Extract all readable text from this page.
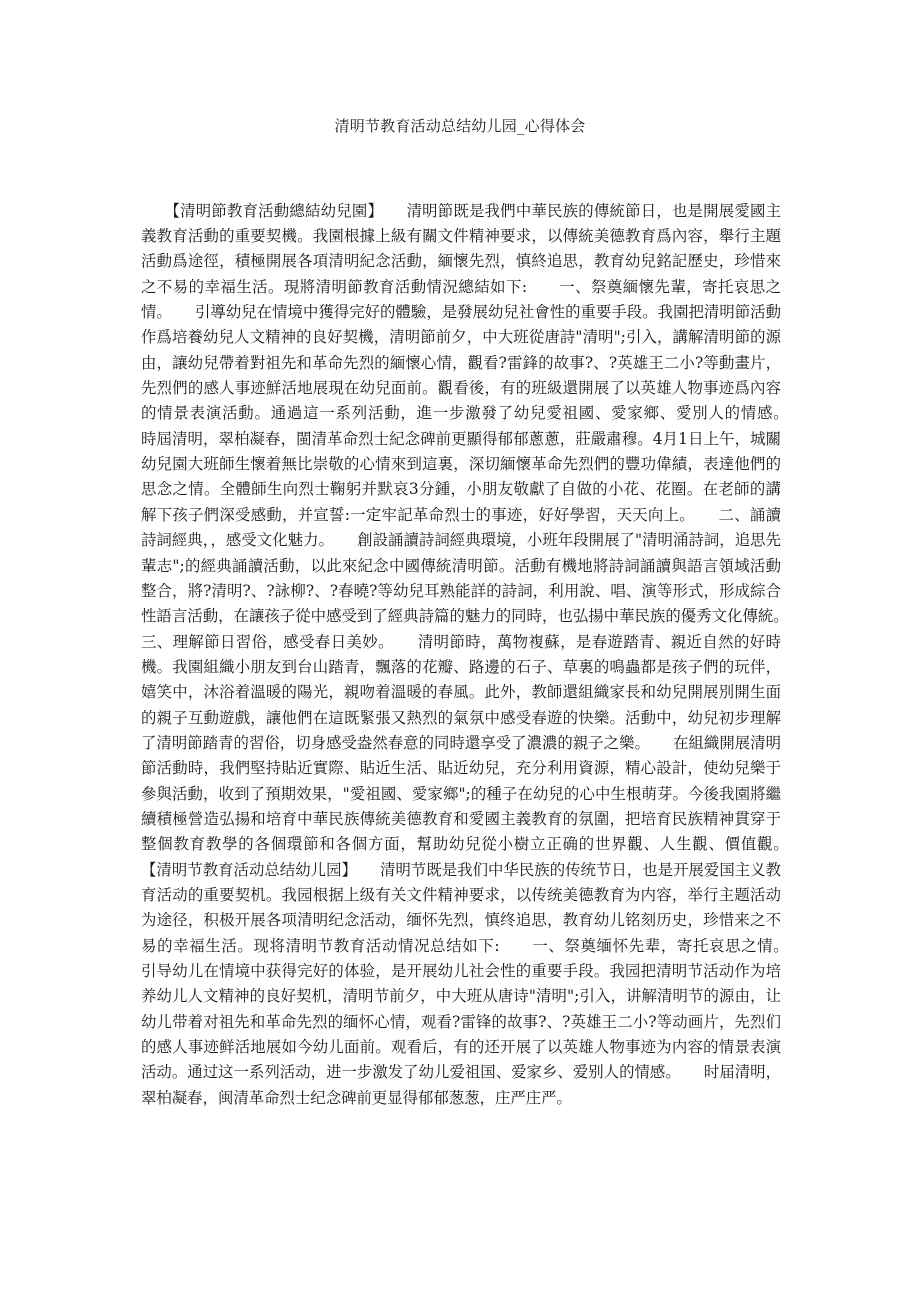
清明节教育活动总结幼儿园_心得体会

　　【清明節教育活動總結幼兒園】　　清明節既是我們中華民族的傳統節日，也是開展愛國主義教育活動的重要契機。我園根據上級有關文件精神要求，以傳統美德教育爲內容，舉行主題活動爲途徑，積極開展各項清明紀念活動，緬懷先烈，慎終追思，教育幼兒銘記歷史，珍惜來之不易的幸福生活。現將清明節教育活動情況總結如下:　　一、祭奠緬懷先輩，寄托哀思之情。　　引導幼兒在情境中獲得完好的體驗，是發展幼兒社會性的重要手段。我園把清明節活動作爲培養幼兒人文精神的良好契機，清明節前夕，中大班從唐詩"清明";引入，講解清明節的源由，讓幼兒帶着對祖先和革命先烈的緬懷心情，觀看?雷鋒的故事?、?英雄王二小?等動畫片，先烈們的感人事迹鮮活地展現在幼兒面前。觀看後，有的班級還開展了以英雄人物事迹爲內容的情景表演活動。通過這一系列活動，進一步激發了幼兒愛祖國、愛家鄉、愛別人的情感。　　時屆清明，翠柏凝春，閩清革命烈士紀念碑前更顯得郁郁蔥蔥，莊嚴肅穆。4月1日上午，城關幼兒園大班師生懷着無比崇敬的心情來到這裏，深切緬懷革命先烈們的豐功偉績，表達他們的思念之情。全體師生向烈士鞠躬并默哀3分鍾，小朋友敬獻了自做的小花、花圈。在老師的講解下孩子們深受感動，并宣誓:一定牢記革命烈士的事迹，好好學習，天天向上。　　二、誦讀詩詞經典，，感受文化魅力。　　創設誦讀詩詞經典環境，小班年段開展了"清明涌詩詞，追思先輩志";的經典誦讀活動，以此來紀念中國傳統清明節。活動有機地將詩詞誦讀與語言領域活動整合，將?清明?、?詠柳?、?春曉?等幼兒耳熟能詳的詩詞，利用說、唱、演等形式，形成綜合性語言活動，在讓孩子從中感受到了經典詩篇的魅力的同時，也弘揚中華民族的優秀文化傳統。　　三、理解節日習俗，感受春日美妙。　　清明節時，萬物複蘇，是春遊踏青、親近自然的好時機。我園組織小朋友到台山踏青，飄落的花瓣、路邊的石子、草裏的鳴蟲都是孩子們的玩伴，嬉笑中，沐浴着溫暖的陽光，親吻着溫暖的春風。此外，教師還組織家長和幼兒開展別開生面的親子互動遊戲，讓他們在這既緊張又熱烈的氣氛中感受春遊的快樂。活動中，幼兒初步理解了清明節踏青的習俗，切身感受盎然春意的同時還享受了濃濃的親子之樂。　　在組織開展清明節活動時，我們堅持貼近實際、貼近生活、貼近幼兒，充分利用資源，精心設計，使幼兒樂于參與活動，收到了預期效果，"愛祖國、愛家鄉";的種子在幼兒的心中生根萌芽。今後我園將繼續積極營造弘揚和培育中華民族傳統美德教育和愛國主義教育的氛圍，把培育民族精神貫穿于整個教育教學的各個環節和各個方面，幫助幼兒從小樹立正确的世界觀、人生觀、價值觀。　　【清明节教育活动总结幼儿园】　　清明节既是我们中华民族的传统节日，也是开展爱国主义教育活动的重要契机。我园根据上级有关文件精神要求，以传统美德教育为内容，举行主题活动为途径，积极开展各项清明纪念活动，缅怀先烈，慎终追思，教育幼儿铭刻历史，珍惜来之不易的幸福生活。现将清明节教育活动情况总结如下:　　一、祭奠缅怀先辈，寄托哀思之情。　　引导幼儿在情境中获得完好的体验，是开展幼儿社会性的重要手段。我园把清明节活动作为培养幼儿人文精神的良好契机，清明节前夕，中大班从唐诗"清明";引入，讲解清明节的源由，让幼儿带着对祖先和革命先烈的缅怀心情，观看?雷锋的故事?、?英雄王二小?等动画片，先烈们的感人事迹鲜活地展如今幼儿面前。观看后，有的还开展了以英雄人物事迹为内容的情景表演活动。通过这一系列活动，进一步激发了幼儿爱祖国、爱家乡、爱别人的情感。　　时届清明，翠柏凝春，闽清革命烈士纪念碑前更显得郁郁葱葱，庄严庄严。
